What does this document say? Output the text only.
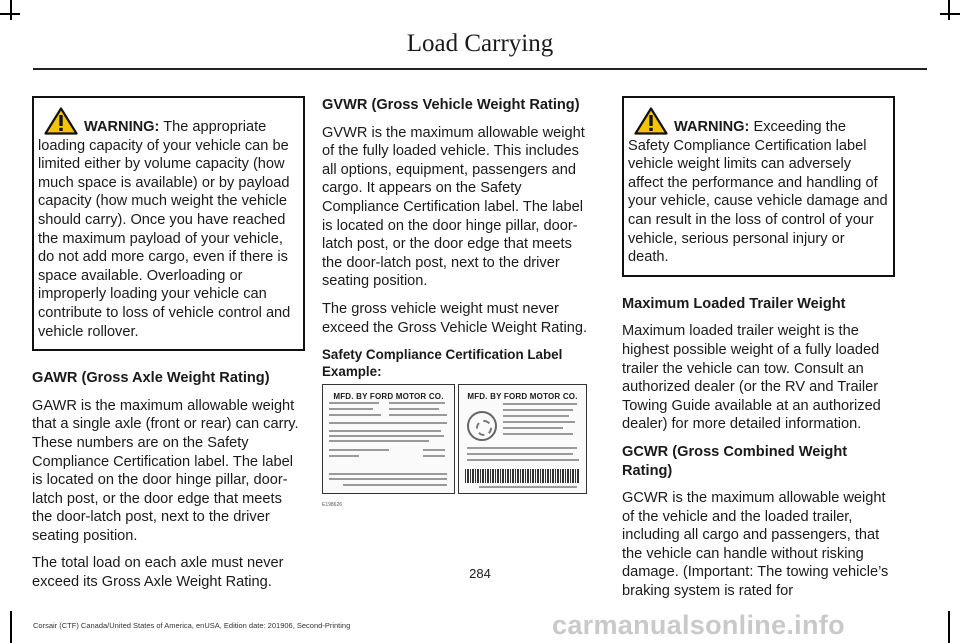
Load Carrying

WARNING: The appropriate loading capacity of your vehicle can be limited either by volume capacity (how much space is available) or by payload capacity (how much weight the vehicle should carry). Once you have reached the maximum payload of your vehicle, do not add more cargo, even if there is space available. Overloading or improperly loading your vehicle can contribute to loss of vehicle control and vehicle rollover.

GAWR (Gross Axle Weight Rating)

GAWR is the maximum allowable weight that a single axle (front or rear) can carry. These numbers are on the Safety Compliance Certification label. The label is located on the door hinge pillar, door-latch post, or the door edge that meets the door-latch post, next to the driver seating position.

The total load on each axle must never exceed its Gross Axle Weight Rating.

GVWR (Gross Vehicle Weight Rating)

GVWR is the maximum allowable weight of the fully loaded vehicle. This includes all options, equipment, passengers and cargo. It appears on the Safety Compliance Certification label. The label is located on the door hinge pillar, door-latch post, or the door edge that meets the door-latch post, next to the driver seating position.

The gross vehicle weight must never exceed the Gross Vehicle Weight Rating.

Safety Compliance Certification Label Example:

MFD. BY FORD MOTOR CO.	MFD. BY FORD MOTOR CO.
E198626

WARNING: Exceeding the Safety Compliance Certification label vehicle weight limits can adversely affect the performance and handling of your vehicle, cause vehicle damage and can result in the loss of control of your vehicle, serious personal injury or death.

Maximum Loaded Trailer Weight

Maximum loaded trailer weight is the highest possible weight of a fully loaded trailer the vehicle can tow. Consult an authorized dealer (or the RV and Trailer Towing Guide available at an authorized dealer) for more detailed information.

GCWR (Gross Combined Weight Rating)

GCWR is the maximum allowable weight of the vehicle and the loaded trailer, including all cargo and passengers, that the vehicle can handle without risking damage. (Important: The towing vehicle’s braking system is rated for

284
Corsair (CTF) Canada/United States of America, enUSA, Edition date: 201906, Second-Printing	carmanualsonline.info
